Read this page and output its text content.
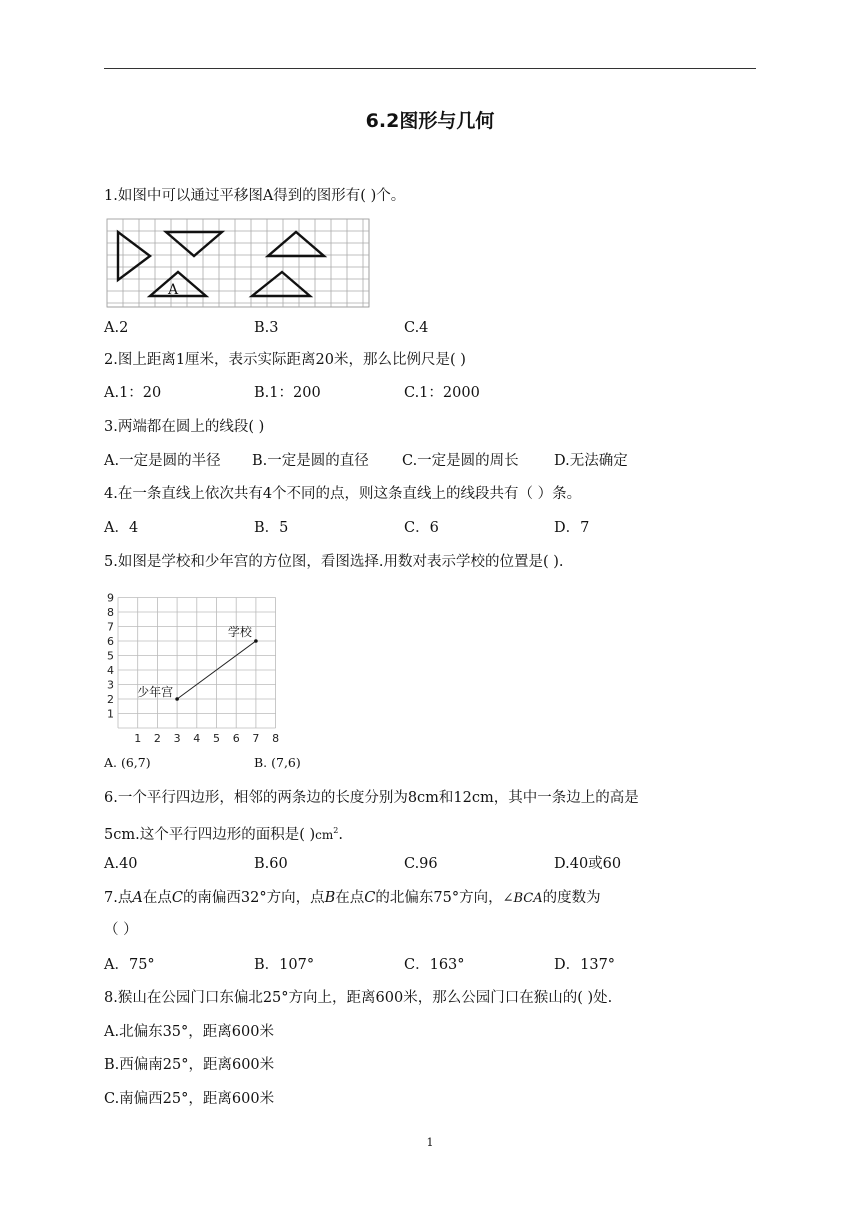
6.2图形与几何
1.如图中可以通过平移图A得到的图形有( )个。
A
A.2	B.3	C.4
2.图上距离1厘米，表示实际距离20米，那么比例尺是( )
A.1：20	B.1：200	C.1：2000
3.两端都在圆上的线段( )
A.一定是圆的半径 B.一定是圆的直径 C.一定是圆的周长 D.无法确定
4.在一条直线上依次共有4个不同的点，则这条直线上的线段共有（ ）条。
A．4	B．5	C．6	D．7
5.如图是学校和少年宫的方位图，看图选择.用数对表示学校的位置是( ).
1 2 3 4 5 6 7 8
1
2
3
4
5
6
7
8
9
少年宫
学校
A. (6,7)	B. (7,6)
6.一个平行四边形，相邻的两条边的长度分别为8cm和12cm，其中一条边上的高是
5cm.这个平行四边形的面积是( )$cm^2$.
A.40	B.60	C.96	D.40或60
7.点A在点C的南偏西32°方向，点B在点C的北偏东75°方向，∠BCA的度数为
（ ）
A．75°	B．107°	C．163°	D．137°
8.猴山在公园门口东偏北25°方向上，距离600米，那么公园门口在猴山的( )处.
A.北偏东35°，距离600米
B.西偏南25°，距离600米
C.南偏西25°，距离600米
1
